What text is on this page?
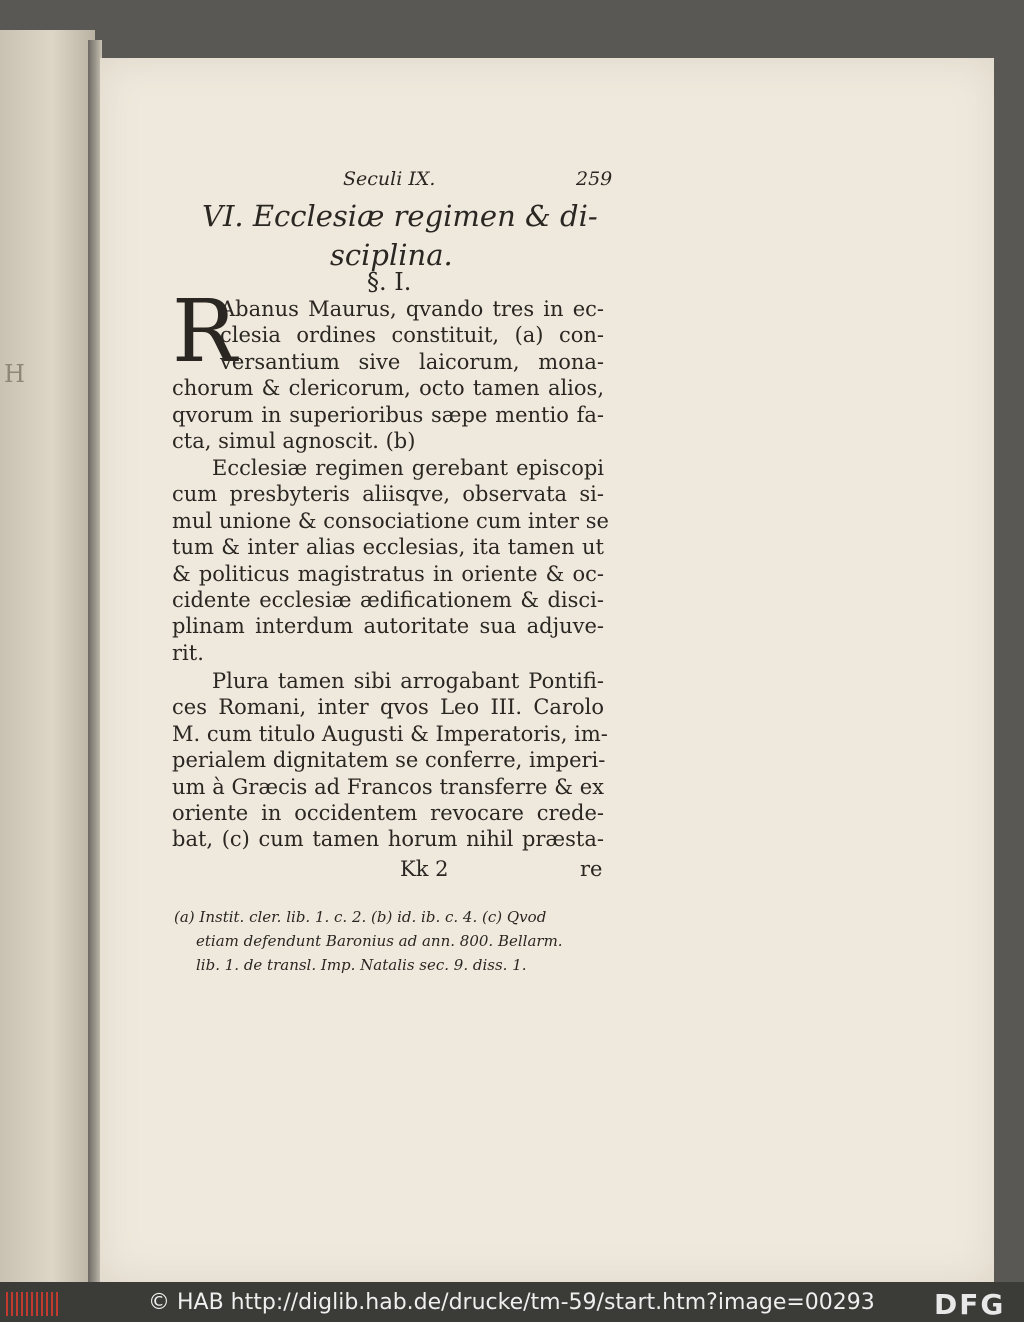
H
Seculi IX.	259
VI. Ecclesiæ regimen & di-
sciplina.
§. I.
R
Abanus Maurus, qvando tres in ec-
clesia ordines constituit, (a) con-
versantium sive laicorum, mona-
chorum & clericorum, octo tamen alios,
qvorum in superioribus sæpe mentio fa-
cta, simul agnoscit. (b)
Ecclesiæ regimen gerebant episcopi
cum presbyteris aliisqve, observata si-
mul unione & consociatione cum inter se
tum & inter alias ecclesias, ita tamen ut
& politicus magistratus in oriente & oc-
cidente ecclesiæ ædificationem & disci-
plinam interdum autoritate sua adjuve-
rit.
Plura tamen sibi arrogabant Pontifi-
ces Romani, inter qvos Leo III. Carolo
M. cum titulo Augusti & Imperatoris, im-
perialem dignitatem se conferre, imperi-
um à Græcis ad Francos transferre & ex
oriente in occidentem revocare crede-
bat, (c) cum tamen horum nihil præsta-
Kk 2	re
(a) Instit. cler. lib. 1. c. 2. (b) id. ib. c. 4. (c) Qvod
etiam defendunt Baronius ad ann. 800. Bellarm.
lib. 1. de transl. Imp. Natalis sec. 9. diss. 1.
© HAB http://diglib.hab.de/drucke/tm-59/start.htm?image=00293 DFG
